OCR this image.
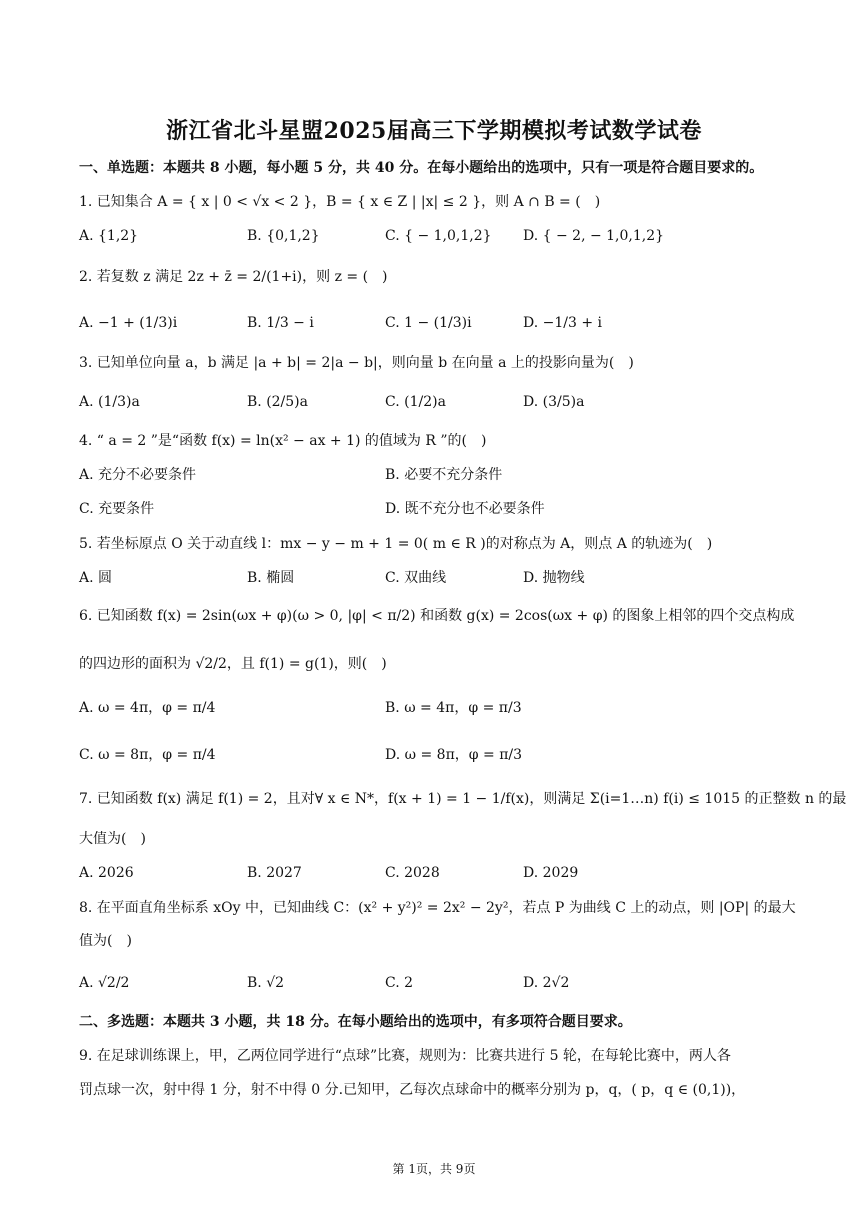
浙江省北斗星盟2025届高三下学期模拟考试数学试卷
一、单选题：本题共 8 小题，每小题 5 分，共 40 分。在每小题给出的选项中，只有一项是符合题目要求的。
1. 已知集合 A = { x | 0 < √x < 2 }，B = { x ∈ Z | |x| ≤ 2 }，则 A ∩ B = (　)
A. {1,2}	B. {0,1,2}	C. { − 1,0,1,2} D. { − 2, − 1,0,1,2}
2. 若复数 z 满足 2z + z̄ = 2/(1+i)，则 z = (　)
A. −1 + (1/3)i	B. 1/3 − i	C. 1 − (1/3)i	D. −1/3 + i
3. 已知单位向量 a，b 满足 |a + b| = 2|a − b|，则向量 b 在向量 a 上的投影向量为(　)
A. (1/3)a	B. (2/5)a	C. (1/2)a	D. (3/5)a
4. “ a = 2 ”是“函数 f(x) = ln(x² − ax + 1) 的值域为 R ”的(　)
A. 充分不必要条件	B. 必要不充分条件
C. 充要条件	D. 既不充分也不必要条件
5. 若坐标原点 O 关于动直线 l：mx − y − m + 1 = 0( m ∈ R )的对称点为 A，则点 A 的轨迹为(　)
A. 圆	B. 椭圆	C. 双曲线	D. 抛物线
6. 已知函数 f(x) = 2sin(ωx + φ)(ω > 0, |φ| < π/2) 和函数 g(x) = 2cos(ωx + φ) 的图象上相邻的四个交点构成
的四边形的面积为 √2/2，且 f(1) = g(1)，则(　)
A. ω = 4π，φ = π/4	B. ω = 4π，φ = π/3
C. ω = 8π，φ = π/4	D. ω = 8π，φ = π/3
7. 已知函数 f(x) 满足 f(1) = 2，且对∀ x ∈ N*，f(x + 1) = 1 − 1/f(x)，则满足 Σ(i=1…n) f(i) ≤ 1015 的正整数 n 的最
大值为(　)
A. 2026	B. 2027	C. 2028	D. 2029
8. 在平面直角坐标系 xOy 中，已知曲线 C：(x² + y²)² = 2x² − 2y²，若点 P 为曲线 C 上的动点，则 |OP| 的最大
值为(　)
A. √2/2	B. √2	C. 2	D. 2√2
二、多选题：本题共 3 小题，共 18 分。在每小题给出的选项中，有多项符合题目要求。
9. 在足球训练课上，甲，乙两位同学进行“点球”比赛，规则为：比赛共进行 5 轮，在每轮比赛中，两人各
罚点球一次，射中得 1 分，射不中得 0 分.已知甲，乙每次点球命中的概率分别为 p，q，( p，q ∈ (0,1))，
第 1页，共 9页
